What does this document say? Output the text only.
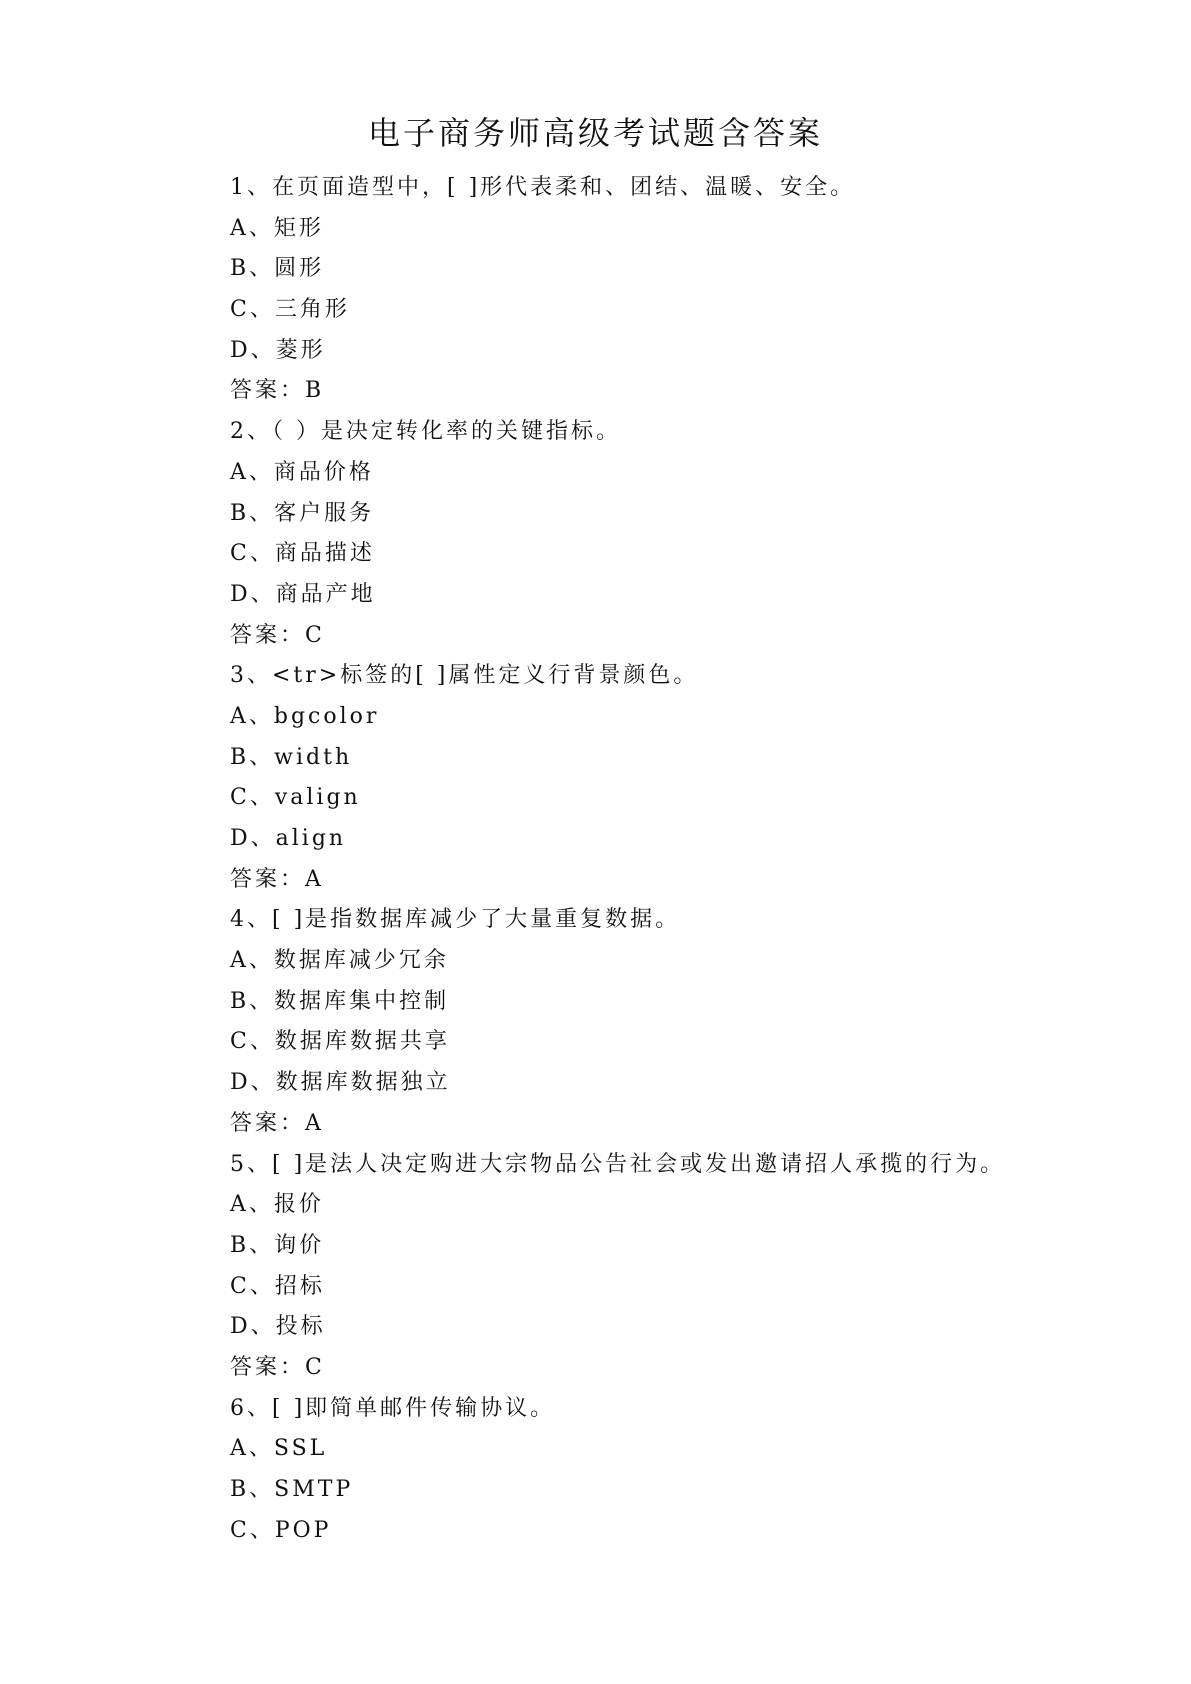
电子商务师高级考试题含答案
1、在页面造型中，[ ]形代表柔和、团结、温暖、安全。
A、矩形
B、圆形
C、三角形
D、菱形
答案：B
2、（ ）是决定转化率的关键指标。
A、商品价格
B、客户服务
C、商品描述
D、商品产地
答案：C
3、<tr>标签的[ ]属性定义行背景颜色。
A、bgcolor
B、width
C、valign
D、align
答案：A
4、[ ]是指数据库减少了大量重复数据。
A、数据库减少冗余
B、数据库集中控制
C、数据库数据共享
D、数据库数据独立
答案：A
5、[ ]是法人决定购进大宗物品公告社会或发出邀请招人承揽的行为。
A、报价
B、询价
C、招标
D、投标
答案：C
6、[ ]即简单邮件传输协议。
A、SSL
B、SMTP
C、POP
